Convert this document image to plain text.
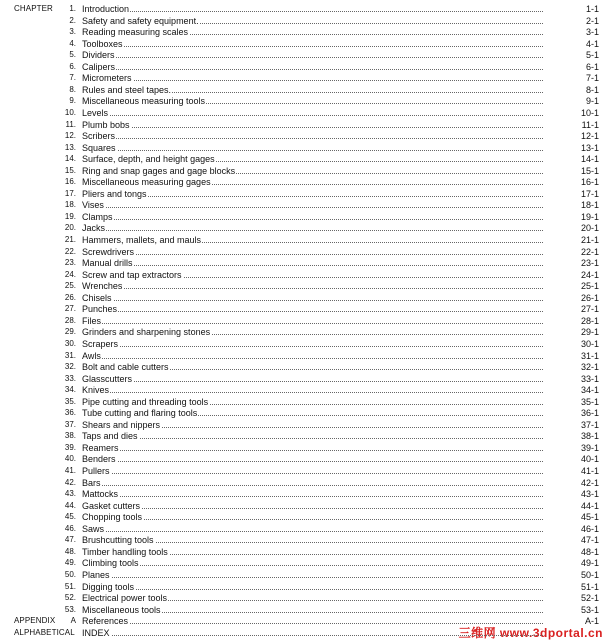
CHAPTER 1. Introduction	1-1
2. Safety and safety equipment.	2-1
3. Reading measuring scales	3-1
4. Toolboxes	4-1
5. Dividers	5-1
6. Calipers	6-1
7. Micrometers	7-1
8. Rules and steel tapes.	8-1
9. Miscellaneous measuring tools	9-1
10. Levels	10-1
11. Plumb bobs	11-1
12. Scribers	12-1
13. Squares	13-1
14. Surface, depth, and height gages	14-1
15. Ring and snap gages and gage blocks	15-1
16. Miscellaneous measuring gages	16-1
17. Pliers and tongs	17-1
18. Vises	18-1
19. Clamps	19-1
20. Jacks	20-1
21. Hammers, mallets, and mauls	21-1
22. Screwdrivers	22-1
23. Manual drills	23-1
24. Screw and tap extractors	24-1
25. Wrenches	25-1
26. Chisels	26-1
27. Punches	27-1
28. Files	28-1
29. Grinders and sharpening stones	29-1
30. Scrapers	30-1
31. Awls	31-1
32. Bolt and cable cutters	32-1
33. Glasscutters	33-1
34. Knives	34-1
35. Pipe cutting and threading tools	35-1
36. Tube cutting and flaring tools	36-1
37. Shears and nippers	37-1
38. Taps and dies	38-1
39. Reamers	39-1
40. Benders	40-1
41. Pullers	41-1
42. Bars	42-1
43. Mattocks	43-1
44. Gasket cutters	44-1
45. Chopping tools	45-1
46. Saws	46-1
47. Brushcutting tools	47-1
48. Timber handling tools	48-1
49. Climbing tools	49-1
50. Planes	50-1
51. Digging tools	51-1
52. Electrical power tools	52-1
53. Miscellaneous tools	53-1
APPENDIX A References	A-1
ALPHABETICAL INDEX	三维网 www.3dportal.cn
